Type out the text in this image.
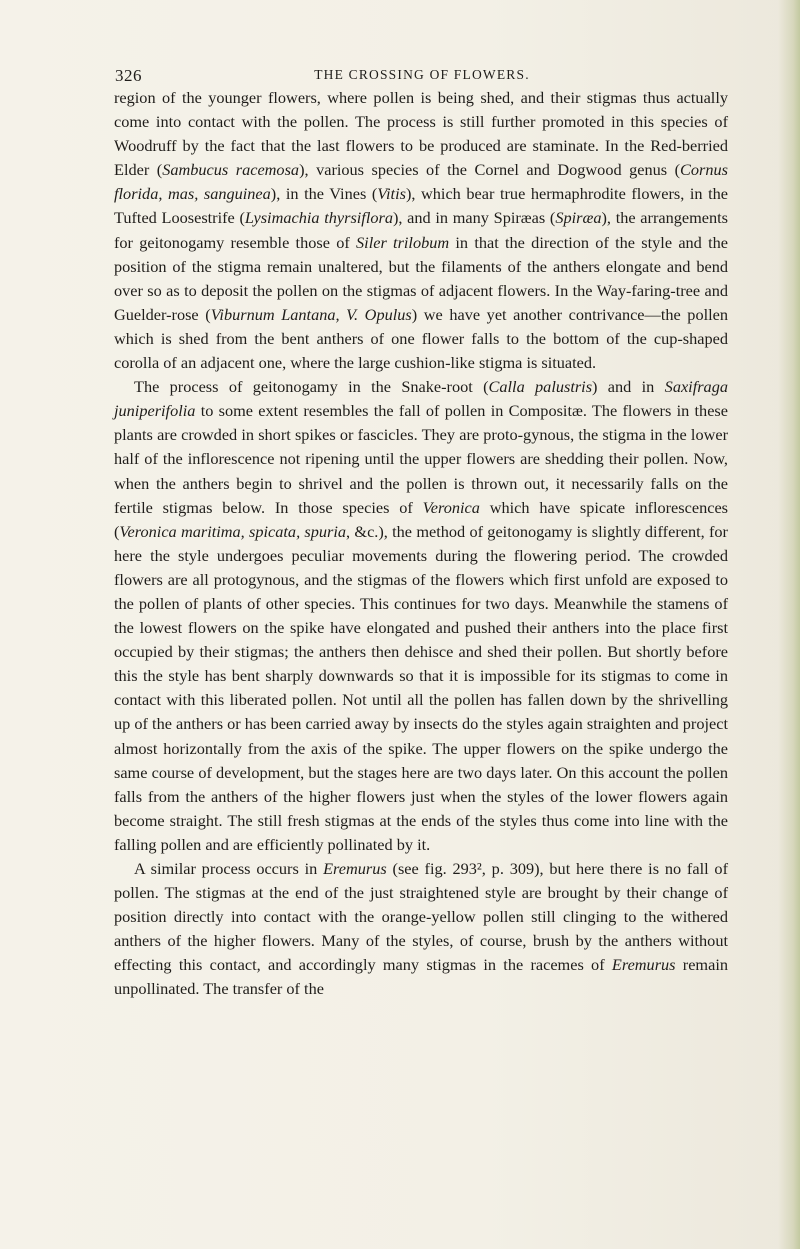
326	THE CROSSING OF FLOWERS.

region of the younger flowers, where pollen is being shed, and their stigmas thus actually come into contact with the pollen. The process is still further promoted in this species of Woodruff by the fact that the last flowers to be produced are staminate. In the Red-berried Elder (Sambucus racemosa), various species of the Cornel and Dogwood genus (Cornus florida, mas, sanguinea), in the Vines (Vitis), which bear true hermaphrodite flowers, in the Tufted Loosestrife (Lysimachia thyrsiflora), and in many Spiræas (Spiræa), the arrangements for geitonogamy resemble those of Siler trilobum in that the direction of the style and the position of the stigma remain unaltered, but the filaments of the anthers elongate and bend over so as to deposit the pollen on the stigmas of adjacent flowers. In the Way-faring-tree and Guelder-rose (Viburnum Lantana, V. Opulus) we have yet another contrivance—the pollen which is shed from the bent anthers of one flower falls to the bottom of the cup-shaped corolla of an adjacent one, where the large cushion-like stigma is situated.

The process of geitonogamy in the Snake-root (Calla palustris) and in Saxifraga juniperifolia to some extent resembles the fall of pollen in Compositæ. The flowers in these plants are crowded in short spikes or fascicles. They are proto-gynous, the stigma in the lower half of the inflorescence not ripening until the upper flowers are shedding their pollen. Now, when the anthers begin to shrivel and the pollen is thrown out, it necessarily falls on the fertile stigmas below. In those species of Veronica which have spicate inflorescences (Veronica maritima, spicata, spuria, &c.), the method of geitonogamy is slightly different, for here the style undergoes peculiar movements during the flowering period. The crowded flowers are all protogynous, and the stigmas of the flowers which first unfold are exposed to the pollen of plants of other species. This continues for two days. Meanwhile the stamens of the lowest flowers on the spike have elongated and pushed their anthers into the place first occupied by their stigmas; the anthers then dehisce and shed their pollen. But shortly before this the style has bent sharply downwards so that it is impossible for its stigmas to come in contact with this liberated pollen. Not until all the pollen has fallen down by the shrivelling up of the anthers or has been carried away by insects do the styles again straighten and project almost horizontally from the axis of the spike. The upper flowers on the spike undergo the same course of development, but the stages here are two days later. On this account the pollen falls from the anthers of the higher flowers just when the styles of the lower flowers again become straight. The still fresh stigmas at the ends of the styles thus come into line with the falling pollen and are efficiently pollinated by it.

A similar process occurs in Eremurus (see fig. 293², p. 309), but here there is no fall of pollen. The stigmas at the end of the just straightened style are brought by their change of position directly into contact with the orange-yellow pollen still clinging to the withered anthers of the higher flowers. Many of the styles, of course, brush by the anthers without effecting this contact, and accordingly many stigmas in the racemes of Eremurus remain unpollinated. The transfer of the
